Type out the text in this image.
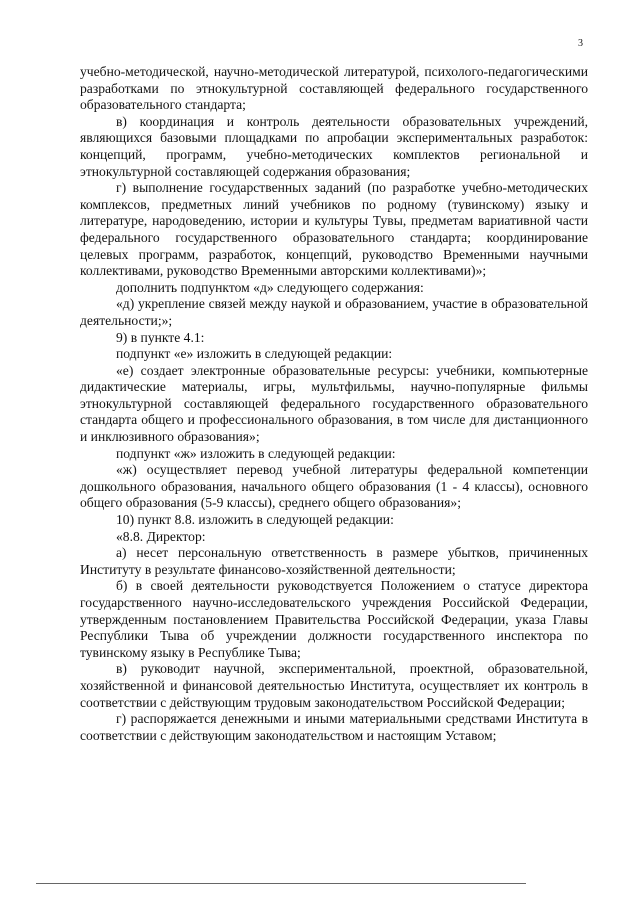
3

учебно-методической, научно-методической литературой, психолого-педагогическими разработками по этнокультурной составляющей федерального государственного образовательного стандарта;

в) координация и контроль деятельности образовательных учреждений, являющихся базовыми площадками по апробации экспериментальных разработок: концепций, программ, учебно-методических комплектов региональной и этнокультурной составляющей содержания образования;

г) выполнение государственных заданий (по разработке учебно-методических комплексов, предметных линий учебников по родному (тувинскому) языку и литературе, народоведению, истории и культуры Тувы, предметам вариативной части федерального государственного образовательного стандарта; координирование целевых программ, разработок, концепций, руководство Временными научными коллективами, руководство Временными авторскими коллективами)»;

дополнить подпунктом «д» следующего содержания:

«д) укрепление связей между наукой и образованием, участие в образовательной деятельности;»;

9) в пункте 4.1:

подпункт «е» изложить в следующей редакции:

«е) создает электронные образовательные ресурсы: учебники, компьютерные дидактические материалы, игры, мультфильмы, научно-популярные фильмы этнокультурной составляющей федерального государственного образовательного стандарта общего и профессионального образования, в том числе для дистанционного и инклюзивного образования»;

подпункт «ж» изложить в следующей редакции:

«ж) осуществляет перевод учебной литературы федеральной компетенции дошкольного образования, начального общего образования (1 - 4 классы), основного общего образования (5-9 классы), среднего общего образования»;

10) пункт 8.8. изложить в следующей редакции:

«8.8. Директор:

а) несет персональную ответственность в размере убытков, причиненных Институту в результате финансово-хозяйственной деятельности;

б) в своей деятельности руководствуется Положением о статусе директора государственного научно-исследовательского учреждения Российской Федерации, утвержденным постановлением Правительства Российской Федерации, указа Главы Республики Тыва об учреждении должности государственного инспектора по тувинскому языку в Республике Тыва;

в) руководит научной, экспериментальной, проектной, образовательной, хозяйственной и финансовой деятельностью Института, осуществляет их контроль в соответствии с действующим трудовым законодательством Российской Федерации;

г) распоряжается денежными и иными материальными средствами Института в соответствии с действующим законодательством и настоящим Уставом;
